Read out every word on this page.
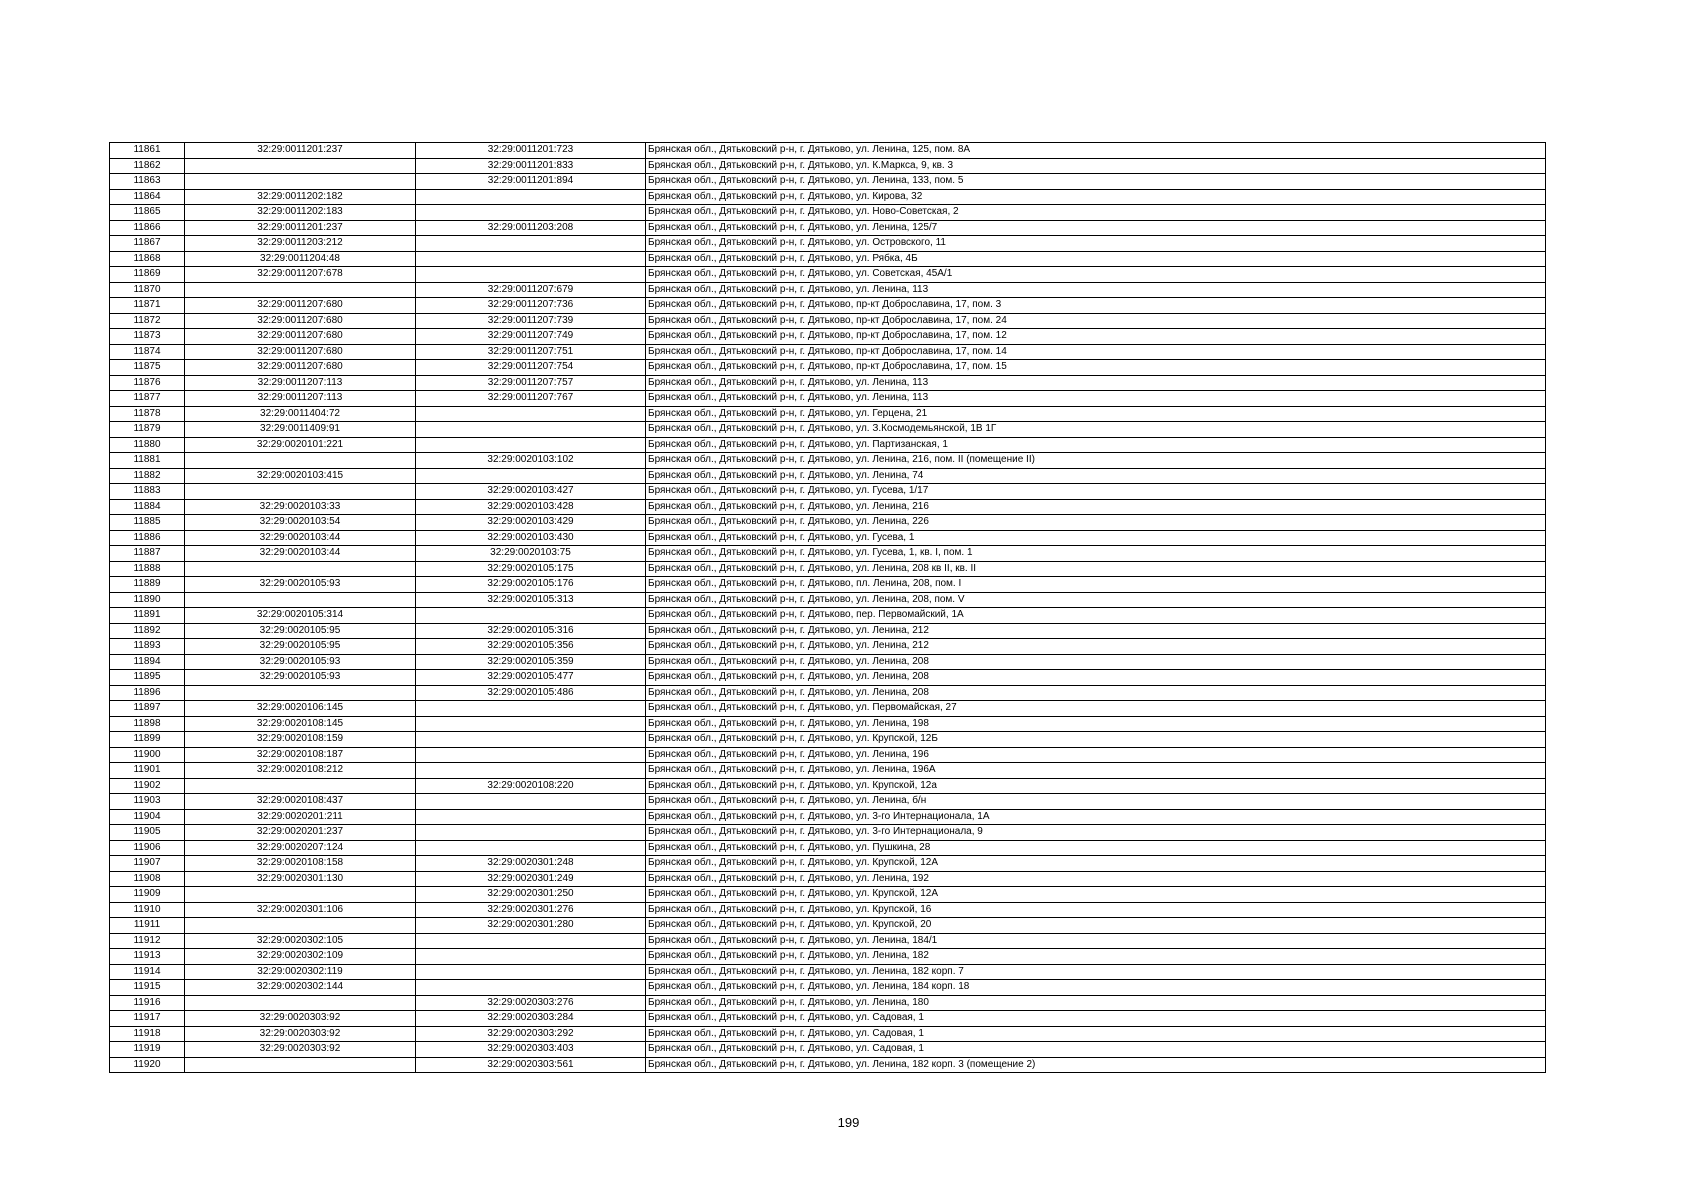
11861	32:29:0011201:237	32:29:0011201:723	Брянская обл., Дятьковский р-н, г. Дятьково, ул. Ленина, 125, пом. 8А
11862		32:29:0011201:833	Брянская обл., Дятьковский р-н, г. Дятьково, ул. К.Маркса, 9, кв. 3
11863		32:29:0011201:894	Брянская обл., Дятьковский р-н, г. Дятьково, ул. Ленина, 133, пом. 5
11864	32:29:0011202:182		Брянская обл., Дятьковский р-н, г. Дятьково, ул. Кирова, 32
11865	32:29:0011202:183		Брянская обл., Дятьковский р-н, г. Дятьково, ул. Ново-Советская, 2
11866	32:29:0011201:237	32:29:0011203:208	Брянская обл., Дятьковский р-н, г. Дятьково, ул. Ленина, 125/7
11867	32:29:0011203:212		Брянская обл., Дятьковский р-н, г. Дятьково, ул. Островского, 11
11868	32:29:0011204:48		Брянская обл., Дятьковский р-н, г. Дятьково, ул. Рябка, 4Б
11869	32:29:0011207:678		Брянская обл., Дятьковский р-н, г. Дятьково, ул. Советская, 45А/1
11870		32:29:0011207:679	Брянская обл., Дятьковский р-н, г. Дятьково, ул. Ленина, 113
11871	32:29:0011207:680	32:29:0011207:736	Брянская обл., Дятьковский р-н, г. Дятьково, пр-кт Доброславина, 17, пом. 3
11872	32:29:0011207:680	32:29:0011207:739	Брянская обл., Дятьковский р-н, г. Дятьково, пр-кт Доброславина, 17, пом. 24
11873	32:29:0011207:680	32:29:0011207:749	Брянская обл., Дятьковский р-н, г. Дятьково, пр-кт Доброславина, 17, пом. 12
11874	32:29:0011207:680	32:29:0011207:751	Брянская обл., Дятьковский р-н, г. Дятьково, пр-кт Доброславина, 17, пом. 14
11875	32:29:0011207:680	32:29:0011207:754	Брянская обл., Дятьковский р-н, г. Дятьково, пр-кт Доброславина, 17, пом. 15
11876	32:29:0011207:113	32:29:0011207:757	Брянская обл., Дятьковский р-н, г. Дятьково, ул. Ленина, 113
11877	32:29:0011207:113	32:29:0011207:767	Брянская обл., Дятьковский р-н, г. Дятьково, ул. Ленина, 113
11878	32:29:0011404:72		Брянская обл., Дятьковский р-н, г. Дятьково, ул. Герцена, 21
11879	32:29:0011409:91		Брянская обл., Дятьковский р-н, г. Дятьково, ул. З.Космодемьянской, 1В 1Г
11880	32:29:0020101:221		Брянская обл., Дятьковский р-н, г. Дятьково, ул. Партизанская, 1
11881		32:29:0020103:102	Брянская обл., Дятьковский р-н, г. Дятьково, ул. Ленина, 216, пом. II (помещение II)
11882	32:29:0020103:415		Брянская обл., Дятьковский р-н, г. Дятьково, ул. Ленина, 74
11883		32:29:0020103:427	Брянская обл., Дятьковский р-н, г. Дятьково, ул. Гусева, 1/17
11884	32:29:0020103:33	32:29:0020103:428	Брянская обл., Дятьковский р-н, г. Дятьково, ул. Ленина, 216
11885	32:29:0020103:54	32:29:0020103:429	Брянская обл., Дятьковский р-н, г. Дятьково, ул. Ленина, 226
11886	32:29:0020103:44	32:29:0020103:430	Брянская обл., Дятьковский р-н, г. Дятьково, ул. Гусева, 1
11887	32:29:0020103:44	32:29:0020103:75	Брянская обл., Дятьковский р-н, г. Дятьково, ул. Гусева, 1, кв. I, пом. 1
11888		32:29:0020105:175	Брянская обл., Дятьковский р-н, г. Дятьково, ул. Ленина, 208 кв II, кв. II
11889	32:29:0020105:93	32:29:0020105:176	Брянская обл., Дятьковский р-н, г. Дятьково, пл. Ленина, 208, пом. I
11890		32:29:0020105:313	Брянская обл., Дятьковский р-н, г. Дятьково, ул. Ленина, 208, пом. V
11891	32:29:0020105:314		Брянская обл., Дятьковский р-н, г. Дятьково, пер. Первомайский, 1А
11892	32:29:0020105:95	32:29:0020105:316	Брянская обл., Дятьковский р-н, г. Дятьково, ул. Ленина, 212
11893	32:29:0020105:95	32:29:0020105:356	Брянская обл., Дятьковский р-н, г. Дятьково, ул. Ленина, 212
11894	32:29:0020105:93	32:29:0020105:359	Брянская обл., Дятьковский р-н, г. Дятьково, ул. Ленина, 208
11895	32:29:0020105:93	32:29:0020105:477	Брянская обл., Дятьковский р-н, г. Дятьково, ул. Ленина, 208
11896		32:29:0020105:486	Брянская обл., Дятьковский р-н, г. Дятьково, ул. Ленина, 208
11897	32:29:0020106:145		Брянская обл., Дятьковский р-н, г. Дятьково, ул. Первомайская, 27
11898	32:29:0020108:145		Брянская обл., Дятьковский р-н, г. Дятьково, ул. Ленина, 198
11899	32:29:0020108:159		Брянская обл., Дятьковский р-н, г. Дятьково, ул. Крупской, 12Б
11900	32:29:0020108:187		Брянская обл., Дятьковский р-н, г. Дятьково, ул. Ленина, 196
11901	32:29:0020108:212		Брянская обл., Дятьковский р-н, г. Дятьково, ул. Ленина, 196А
11902		32:29:0020108:220	Брянская обл., Дятьковский р-н, г. Дятьково, ул. Крупской, 12а
11903	32:29:0020108:437		Брянская обл., Дятьковский р-н, г. Дятьково, ул. Ленина, б/н
11904	32:29:0020201:211		Брянская обл., Дятьковский р-н, г. Дятьково, ул. 3-го Интернационала, 1А
11905	32:29:0020201:237		Брянская обл., Дятьковский р-н, г. Дятьково, ул. 3-го Интернационала, 9
11906	32:29:0020207:124		Брянская обл., Дятьковский р-н, г. Дятьково, ул. Пушкина, 28
11907	32:29:0020108:158	32:29:0020301:248	Брянская обл., Дятьковский р-н, г. Дятьково, ул. Крупской, 12А
11908	32:29:0020301:130	32:29:0020301:249	Брянская обл., Дятьковский р-н, г. Дятьково, ул. Ленина, 192
11909		32:29:0020301:250	Брянская обл., Дятьковский р-н, г. Дятьково, ул. Крупской, 12А
11910	32:29:0020301:106	32:29:0020301:276	Брянская обл., Дятьковский р-н, г. Дятьково, ул. Крупской, 16
11911		32:29:0020301:280	Брянская обл., Дятьковский р-н, г. Дятьково, ул. Крупской, 20
11912	32:29:0020302:105		Брянская обл., Дятьковский р-н, г. Дятьково, ул. Ленина, 184/1
11913	32:29:0020302:109		Брянская обл., Дятьковский р-н, г. Дятьково, ул. Ленина, 182
11914	32:29:0020302:119		Брянская обл., Дятьковский р-н, г. Дятьково, ул. Ленина, 182 корп. 7
11915	32:29:0020302:144		Брянская обл., Дятьковский р-н, г. Дятьково, ул. Ленина, 184 корп. 18
11916		32:29:0020303:276	Брянская обл., Дятьковский р-н, г. Дятьково, ул. Ленина, 180
11917	32:29:0020303:92	32:29:0020303:284	Брянская обл., Дятьковский р-н, г. Дятьково, ул. Садовая, 1
11918	32:29:0020303:92	32:29:0020303:292	Брянская обл., Дятьковский р-н, г. Дятьково, ул. Садовая, 1
11919	32:29:0020303:92	32:29:0020303:403	Брянская обл., Дятьковский р-н, г. Дятьково, ул. Садовая, 1
11920		32:29:0020303:561	Брянская обл., Дятьковский р-н, г. Дятьково, ул. Ленина, 182 корп. 3 (помещение 2)
199
